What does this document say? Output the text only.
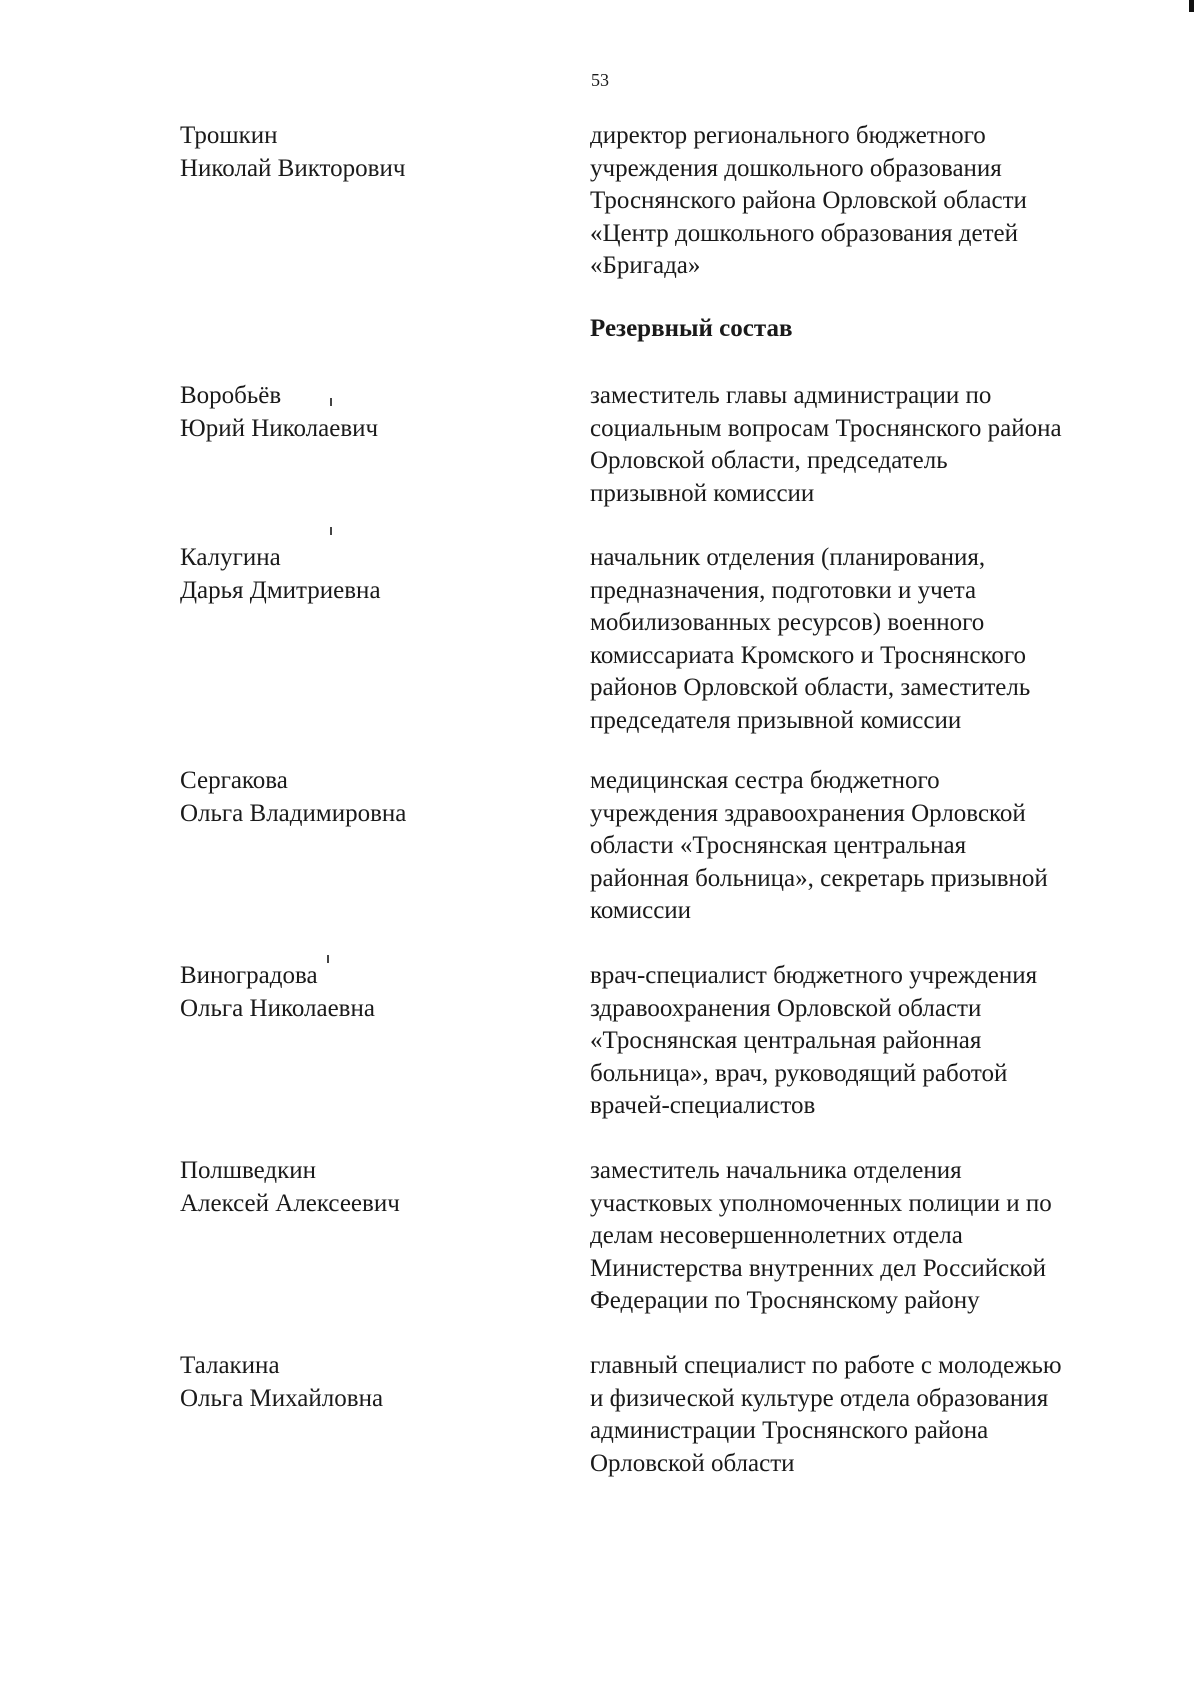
53
Трошкин
Николай Викторович
директор регионального бюджетного
учреждения дошкольного образования
Троснянского района Орловской области
«Центр дошкольного образования детей
«Бригада»
Резервный состав
Воробьёв
Юрий Николаевич
заместитель главы администрации по
социальным вопросам Троснянского района
Орловской области, председатель
призывной комиссии
Калугина
Дарья Дмитриевна
начальник отделения (планирования,
предназначения, подготовки и учета
мобилизованных ресурсов) военного
комиссариата Кромского и Троснянского
районов Орловской области, заместитель
председателя призывной комиссии
Сергакова
Ольга Владимировна
медицинская сестра бюджетного
учреждения здравоохранения Орловской
области «Троснянская центральная
районная больница», секретарь призывной
комиссии
Виноградова
Ольга Николаевна
врач-специалист бюджетного учреждения
здравоохранения Орловской области
«Троснянская центральная районная
больница», врач, руководящий работой
врачей-специалистов
Полшведкин
Алексей Алексеевич
заместитель начальника отделения
участковых уполномоченных полиции и по
делам несовершеннолетних отдела
Министерства внутренних дел Российской
Федерации по Троснянскому району
Талакина
Ольга Михайловна
главный специалист по работе с молодежью
и физической культуре отдела образования
администрации Троснянского района
Орловской области
